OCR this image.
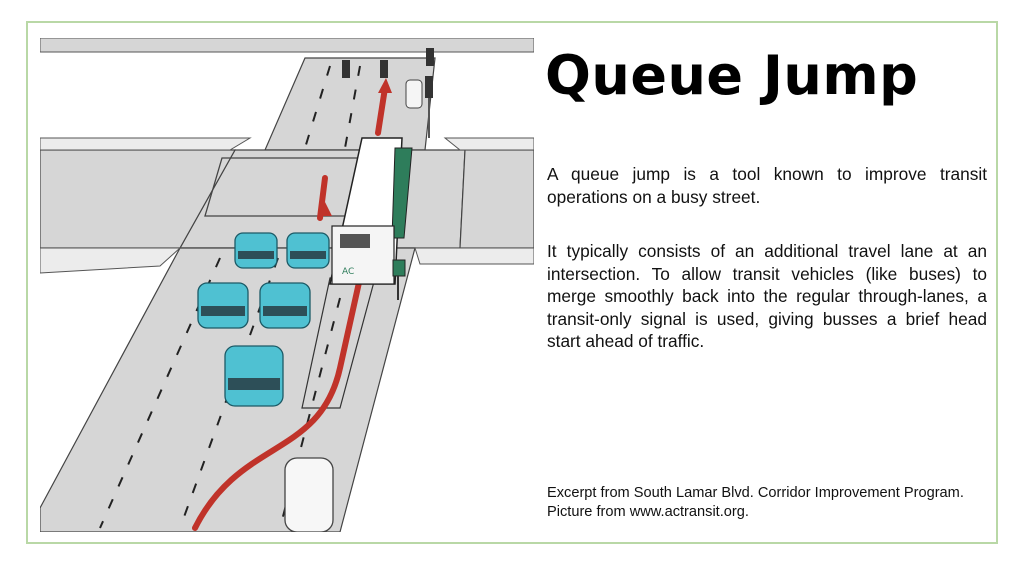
AC
Queue Jump

A queue jump is a tool known to improve transit operations on a busy street.

It typically consists of an additional travel lane at an intersection. To allow transit vehicles (like buses) to merge smoothly back into the regular through-lanes, a transit-only signal is used, giving busses a brief head start ahead of traffic.

Excerpt from South Lamar Blvd. Corridor Improvement Program. Picture from www.actransit.org.
